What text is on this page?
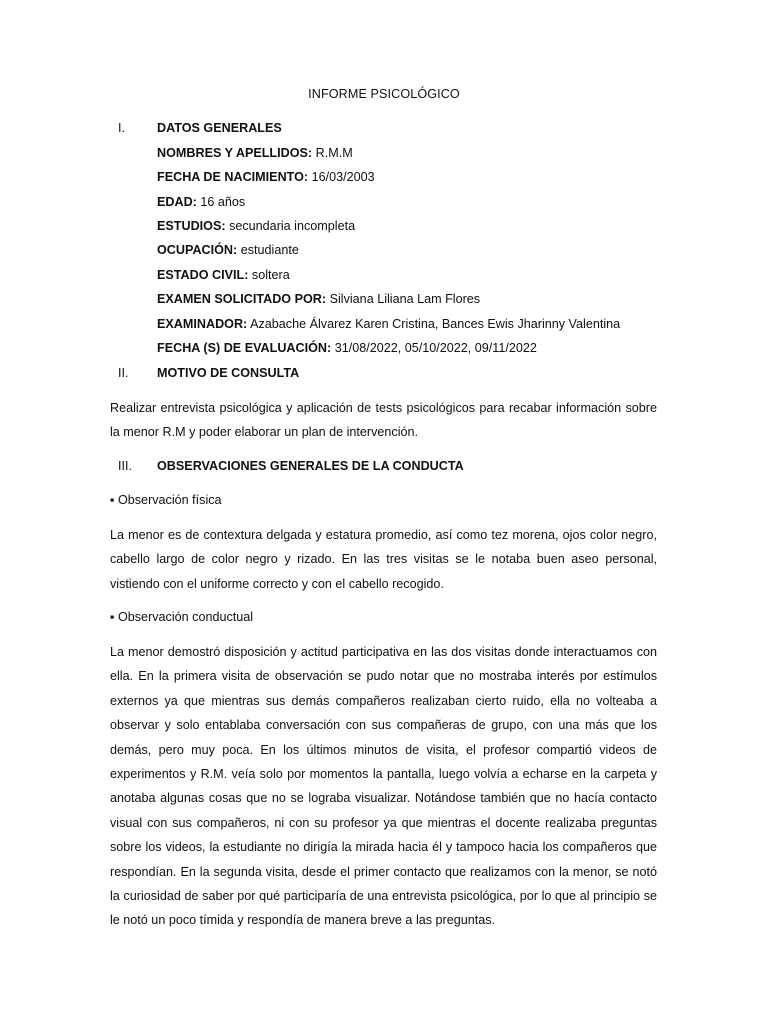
INFORME PSICOLÓGICO
I.	DATOS GENERALES
NOMBRES Y APELLIDOS: R.M.M
FECHA DE NACIMIENTO: 16/03/2003
EDAD: 16 años
ESTUDIOS: secundaria incompleta
OCUPACIÓN: estudiante
ESTADO CIVIL: soltera
EXAMEN SOLICITADO POR: Silviana Liliana Lam Flores
EXAMINADOR: Azabache Álvarez Karen Cristina, Bances Ewis Jharinny Valentina
FECHA (S) DE EVALUACIÓN: 31/08/2022, 05/10/2022, 09/11/2022
II.	MOTIVO DE CONSULTA

Realizar entrevista psicológica y aplicación de tests psicológicos para recabar información sobre la menor R.M y poder elaborar un plan de intervención.

III.	OBSERVACIONES GENERALES DE LA CONDUCTA
▪ Observación física

La menor es de contextura delgada y estatura promedio, así como tez morena, ojos color negro, cabello largo de color negro y rizado. En las tres visitas se le notaba buen aseo personal, vistiendo con el uniforme correcto y con el cabello recogido.

▪ Observación conductual

La menor demostró disposición y actitud participativa en las dos visitas donde interactuamos con ella. En la primera visita de observación se pudo notar que no mostraba interés por estímulos externos ya que mientras sus demás compañeros realizaban cierto ruido, ella no volteaba a observar y solo entablaba conversación con sus compañeras de grupo, con una más que los demás, pero muy poca. En los últimos minutos de visita, el profesor compartió videos de experimentos y R.M. veía solo por momentos la pantalla, luego volvía a echarse en la carpeta y anotaba algunas cosas que no se lograba visualizar. Notándose también que no hacía contacto visual con sus compañeros, ni con su profesor ya que mientras el docente realizaba preguntas sobre los videos, la estudiante no dirigía la mirada hacia él y tampoco hacia los compañeros que respondían. En la segunda visita, desde el primer contacto que realizamos con la menor, se notó la curiosidad de saber por qué participaría de una entrevista psicológica, por lo que al principio se le notó un poco tímida y respondía de manera breve a las preguntas.
